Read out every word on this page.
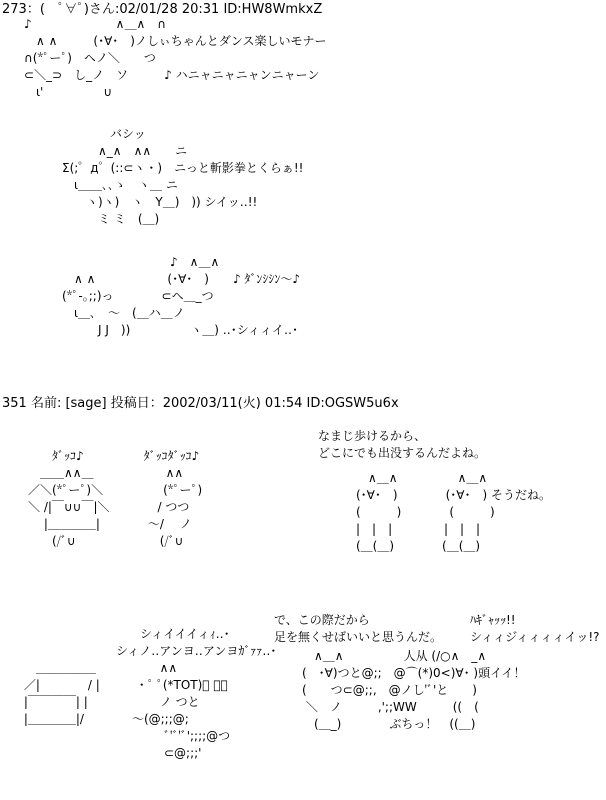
273：(　ﾟ∀ﾟ)さん:02/01/28 20:31 ID:HW8WmkxZ
　♪　　　　　　　∧＿∧　∩
　　∧ ∧　　　(･∀･　)ノしぃちゃんとダンス楽しいモナー
　∩(*ﾟーﾟ)　ヘノ＼　　つ
　⊂＼_⊃　し_ノ　ソ　　　♪ ハニャニャニャンニャーン
　　ι'　　　　　∪
　　　　　　バシッ
　　　　　∧_∧　∧∧　　ニ
　　Σ(;゜д゜(::⊂ヽ・)　ニっと斬影拳とくらぁ!!
　　　ι＿＿､､ゝ　ヽ＿ ニ
　　　　ヽ)ヽ)　ヽ　Y＿)　)) シイッ‥!!
　　　　　ミ ミ　(＿)
　　　　　　　　　　♪　∧＿∧
　　∧ ∧　　　　　　(･∀･　)　　♪ ﾀﾞﾝｼｼﾝ〜♪
　(*ﾟ-｡;;)っ　　　　⊂ヘ＿_つ
　　ι＿､　〜　(＿ハ＿ノ
　　　　J J　))　　　　　ヽ＿) ‥･シィィイ‥･
351 名前: [sage] 投稿日：2002/03/11(火) 01:54 ID:OGSW5u6x
　　ﾀﾞｯｺ♪　　　　　ﾀﾞｯｺﾀﾞｯｺ♪
　＿＿∧∧＿　　　　　　∧∧
／＼(*ﾟーﾟ)＼　　　　　(*ﾟーﾟ)
＼ /|￣∪∪￣|＼　　　　/ つつ
　 |＿＿＿＿|　　　　〜/　 ノ
　　(/ﾞ∪　　　　　　　(/ﾞ∪
なまじ歩けるから、
どこにでも出没するんだよね。
　　∧＿∧　　　　　∧＿∧
　(･∀･　)　　　　(･∀･　) そうだね。
　(　　　)　　　　(　　　)
　|　|　|　　　　 |　|　|
　(＿(＿)　　　　(＿(＿)
　　　　　　　　　　シィイイイィｨ‥･
　　　　　　　　シィノ‥アンヨ‥アンヨｶﾞｧｧ‥･
　 ＿＿＿＿＿　　　　　 ∧∧
／|　　　　/ |　　　・ﾟ ﾟ(*TOT)ﾟ ﾟ・
|￣￣￣￣| |　　　　　　ノ つと
|＿＿＿＿|/　　　　〜(@;;;@;
　　　　　　　　　　　　ﾞ'ﾞ'ﾞ';;;;@つ
　　　　　　　　　　　　⊂@;;;'
で、この際だから
足を無くせばいいと思うんだ。
ﾊｷﾞｬｯｯ!!
シィィジィィィィイッ!?
　　∧＿∧　　　　　人从 (/○∧　_∧
　(　･∀)つと@;;　@⌒(*)0<)∀･ )頭イイ！
　(　　つ⊂@;;,　@ノし'ﾞ'と　　)
　 ＼　ノ　　　,';;WW　　　((　(
　　(＿_)　　　　ぶちっ！　((＿)
